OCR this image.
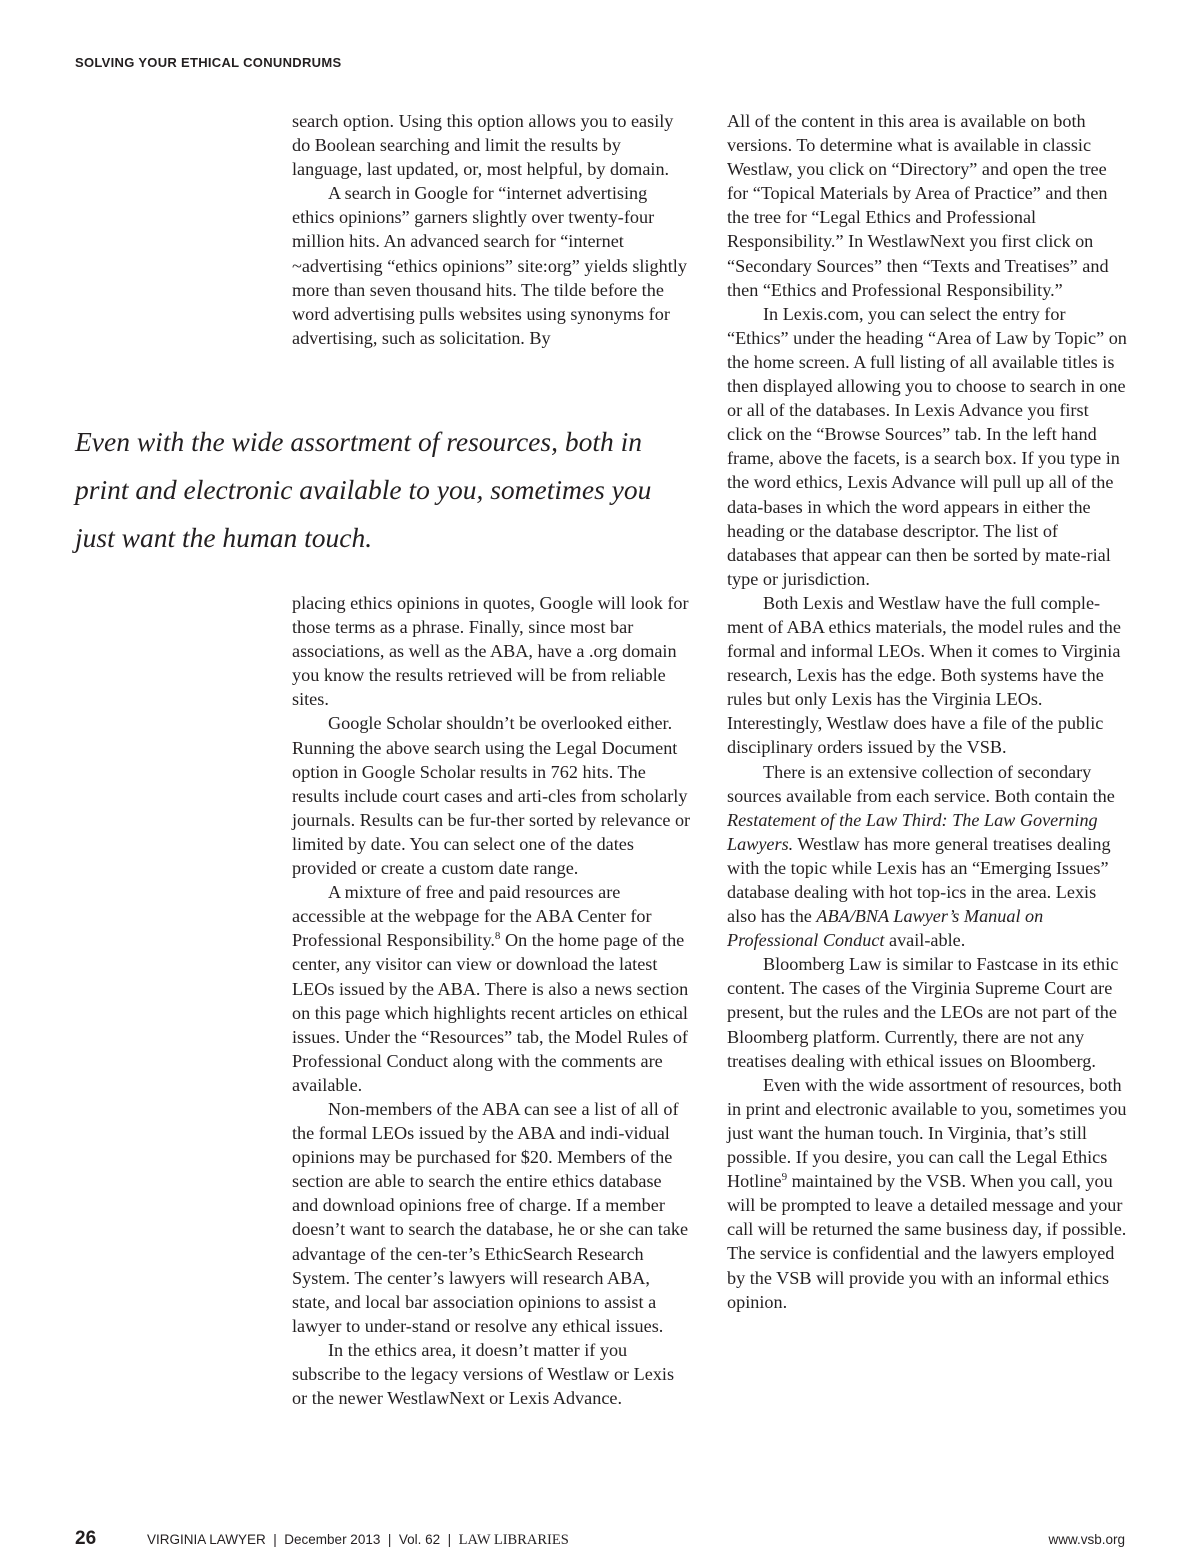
SOLVING YOUR ETHICAL CONUNDRUMS

search option. Using this option allows you to easily do Boolean searching and limit the results by language, last updated, or, most helpful, by domain.

A search in Google for “internet advertising ethics opinions” garners slightly over twenty-four million hits. An advanced search for “internet ~advertising “ethics opinions” site:org” yields slightly more than seven thousand hits. The tilde before the word advertising pulls websites using synonyms for advertising, such as solicitation. By

Even with the wide assortment of resources, both in
print and electronic available to you, sometimes you
just want the human touch.

placing ethics opinions in quotes, Google will look for those terms as a phrase. Finally, since most bar associations, as well as the ABA, have a .org domain you know the results retrieved will be from reliable sites.

Google Scholar shouldn’t be overlooked either. Running the above search using the Legal Document option in Google Scholar results in 762 hits. The results include court cases and arti-cles from scholarly journals. Results can be fur-ther sorted by relevance or limited by date. You can select one of the dates provided or create a custom date range.

A mixture of free and paid resources are accessible at the webpage for the ABA Center for Professional Responsibility.$^8$ On the home page of the center, any visitor can view or download the latest LEOs issued by the ABA. There is also a news section on this page which highlights recent articles on ethical issues. Under the “Resources” tab, the Model Rules of Professional Conduct along with the comments are available.

Non-members of the ABA can see a list of all of the formal LEOs issued by the ABA and indi-vidual opinions may be purchased for $20. Members of the section are able to search the entire ethics database and download opinions free of charge. If a member doesn’t want to search the database, he or she can take advantage of the cen-ter’s EthicSearch Research System. The center’s lawyers will research ABA, state, and local bar association opinions to assist a lawyer to under-stand or resolve any ethical issues.

In the ethics area, it doesn’t matter if you subscribe to the legacy versions of Westlaw or Lexis or the newer WestlawNext or Lexis Advance.

All of the content in this area is available on both versions. To determine what is available in classic Westlaw, you click on “Directory” and open the tree for “Topical Materials by Area of Practice” and then the tree for “Legal Ethics and Professional Responsibility.” In WestlawNext you first click on “Secondary Sources” then “Texts and Treatises” and then “Ethics and Professional Responsibility.”

In Lexis.com, you can select the entry for “Ethics” under the heading “Area of Law by Topic” on the home screen. A full listing of all available titles is then displayed allowing you to choose to search in one or all of the databases. In Lexis Advance you first click on the “Browse Sources” tab. In the left hand frame, above the facets, is a search box. If you type in the word ethics, Lexis Advance will pull up all of the data-bases in which the word appears in either the heading or the database descriptor. The list of databases that appear can then be sorted by mate-rial type or jurisdiction.

Both Lexis and Westlaw have the full comple-ment of ABA ethics materials, the model rules and the formal and informal LEOs. When it comes to Virginia research, Lexis has the edge. Both systems have the rules but only Lexis has the Virginia LEOs. Interestingly, Westlaw does have a file of the public disciplinary orders issued by the VSB.

There is an extensive collection of secondary sources available from each service. Both contain the Restatement of the Law Third: The Law Governing Lawyers. Westlaw has more general treatises dealing with the topic while Lexis has an “Emerging Issues” database dealing with hot top-ics in the area. Lexis also has the ABA/BNA Lawyer’s Manual on Professional Conduct avail-able.

Bloomberg Law is similar to Fastcase in its ethic content. The cases of the Virginia Supreme Court are present, but the rules and the LEOs are not part of the Bloomberg platform. Currently, there are not any treatises dealing with ethical issues on Bloomberg.

Even with the wide assortment of resources, both in print and electronic available to you, sometimes you just want the human touch. In Virginia, that’s still possible. If you desire, you can call the Legal Ethics Hotline$^9$ maintained by the VSB. When you call, you will be prompted to leave a detailed message and your call will be returned the same business day, if possible. The service is confidential and the lawyers employed by the VSB will provide you with an informal ethics opinion.

26	VIRGINIA LAWYER  |  December 2013  |  Vol. 62  |  LAW LIBRARIES	www.vsb.org
